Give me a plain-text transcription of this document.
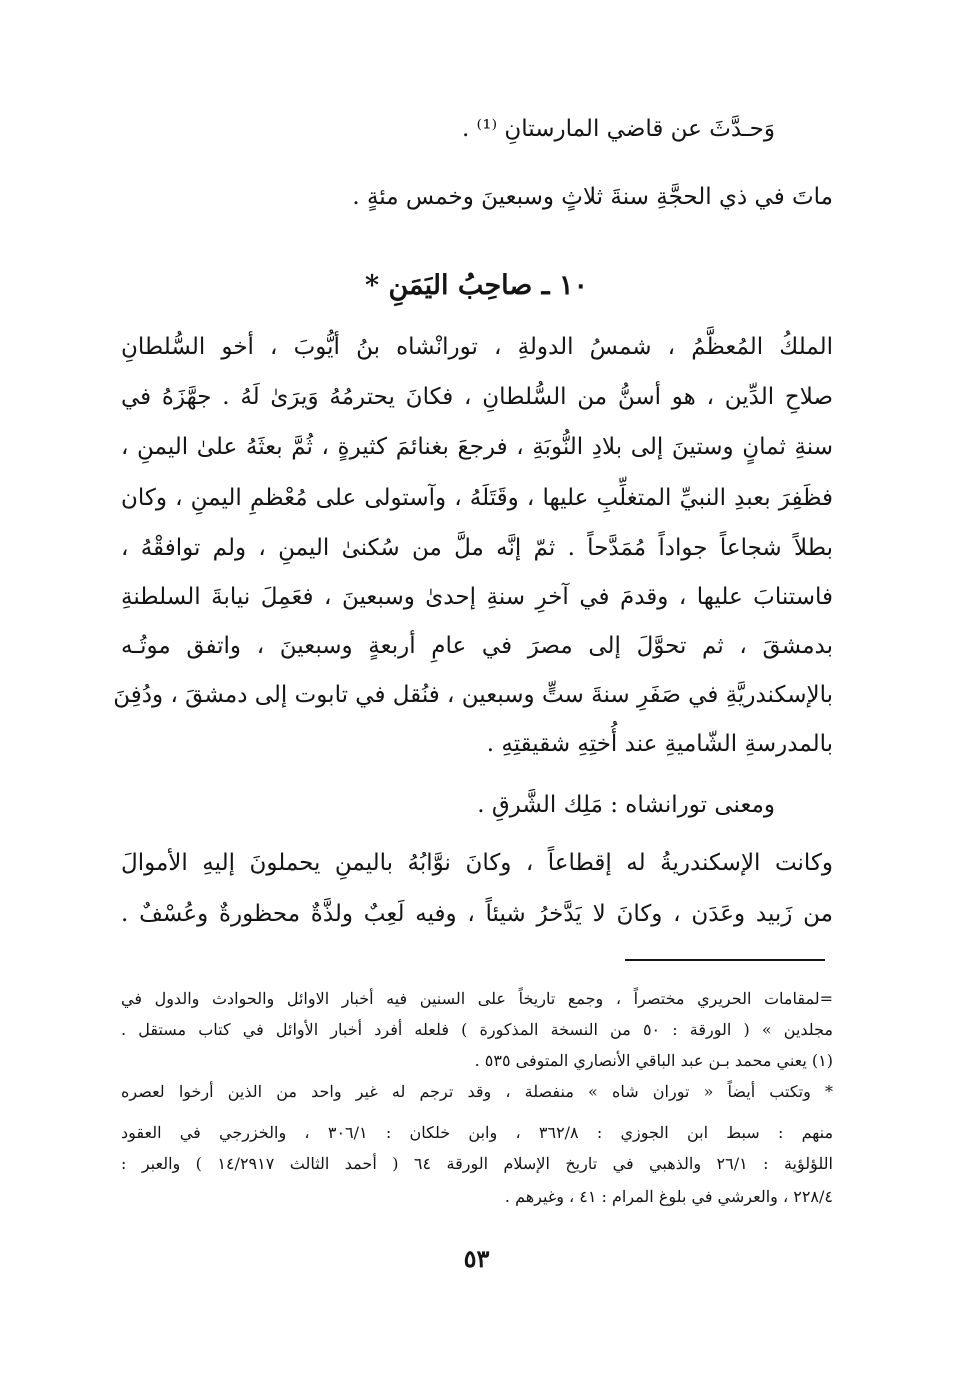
وَحـدَّثَ عن قاضي المارستانِ ⁽¹⁾ .
ماتَ في ذي الحجَّةِ سنةَ ثلاثٍ وسبعينَ وخمس مئةٍ .
١٠ ـ صاحِبُ اليَمَنِ *
الملكُ المُعظَّمُ ، شمسُ الدولةِ ، تورانْشاه بنُ أيُّوبَ ، أخو السُّلطانِ
صلاحِ الدِّين ، هو أسنُّ من السُّلطانِ ، فكانَ يحترمُهُ وَيرَىٰ لَهُ . جهَّزَهُ في
سنةِ ثمانٍ وستينَ إلى بلادِ النُّوبَةِ ، فرجعَ بغنائمَ كثيرةٍ ، ثُمَّ بعثَهُ علىٰ اليمنِ ،
فظَفِرَ بعبدِ النبيِّ المتغلِّبِ عليها ، وقَتَلَهُ ، وآستولى على مُعْظمِ اليمنِ ، وكان
بطلاً شجاعاً جواداً مُمَدَّحاً . ثمّ إنَّه ملَّ من سُكنىٰ اليمنِ ، ولم توافقْهُ ،
فاستنابَ عليها ، وقدمَ في آخرِ سنةِ إحدىٰ وسبعينَ ، فعَمِلَ نيابةَ السلطنةِ
بدمشقَ ، ثم تحوَّلَ إلى مصرَ في عامِ أربعةٍ وسبعينَ ، واتفق موتُـه
بالإسكندريَّةِ في صَفَرِ سنةَ ستٍّ وسبعين ، فنُقل في تابوت إلى دمشقَ ، ودُفِنَ
بالمدرسةِ الشّاميةِ عند أُختِهِ شقيقتِهِ .
ومعنى تورانشاه : مَلِك الشَّرقِ .
وكانت الإسكندريةُ له إقطاعاً ، وكانَ نوَّابُهُ باليمنِ يحملونَ إليهِ الأموالَ
من زَبيد وعَدَن ، وكانَ لا يَدَّخرُ شيئاً ، وفيه لَعِبٌ ولذَّةٌ محظورةٌ وعُسْفٌ .
=لمقامات الحريري مختصراً ، وجمع تاريخاً على السنين فيه أخبار الاوائل والحوادث والدول في
مجلدين » ( الورقة : ٥٠ من النسخة المذكورة ) فلعله أفرد أخبار الأوائل في كتاب مستقل .
(١) يعني محمد بـن عبد الباقي الأنصاري المتوفى ٥٣٥ .
* وتكتب أيضاً « توران شاه » منفصلة ، وقد ترجم له غير واحد من الذين أرخوا لعصره
منهم : سبط ابن الجوزي : ٣٦٢/٨ ، وابن خلكان : ٣٠٦/١ ، والخزرجي في العقود
اللؤلؤية : ٢٦/١ والذهبي في تاريخ الإسلام الورقة ٦٤ ( أحمد الثالث ١٤/٢٩١٧ ) والعبر :
٢٢٨/٤ ، والعرشي في بلوغ المرام : ٤١ ، وغيرهم .
٥٣
